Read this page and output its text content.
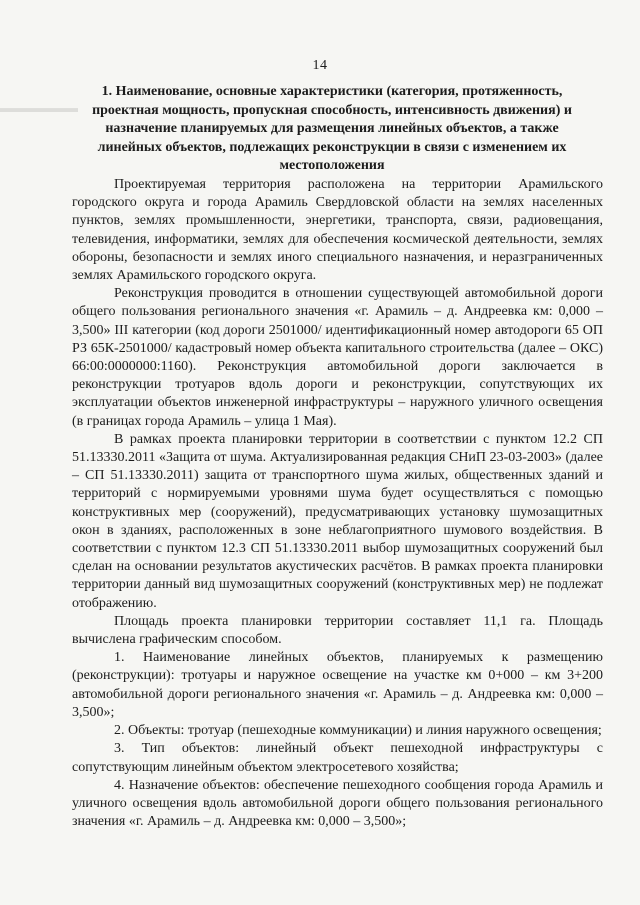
▬▬▬▬▬▬
14
1. Наименование, основные характеристики (категория, протяженность, проектная мощность, пропускная способность, интенсивность движения) и назначение планируемых для размещения линейных объектов, а также линейных объектов, подлежащих реконструкции в связи с изменением их местоположения

Проектируемая территория расположена на территории Арамильского городского округа и города Арамиль Свердловской области на землях населенных пунктов, землях промышленности, энергетики, транспорта, связи, радиовещания, телевидения, информатики, землях для обеспечения космической деятельности, землях обороны, безопасности и землях иного специального назначения, и неразграниченных землях Арамильского городского округа.

Реконструкция проводится в отношении существующей автомобильной дороги общего пользования регионального значения «г. Арамиль – д. Андреевка км: 0,000 – 3,500» III категории (код дороги 2501000/ идентификационный номер автодороги 65 ОП РЗ 65К-2501000/ кадастровый номер объекта капитального строительства (далее – ОКС) 66:00:0000000:1160). Реконструкция автомобильной дороги заключается в реконструкции тротуаров вдоль дороги и реконструкции, сопутствующих их эксплуатации объектов инженерной инфраструктуры – наружного уличного освещения (в границах города Арамиль – улица 1 Мая).

В рамках проекта планировки территории в соответствии с пунктом 12.2 СП 51.13330.2011 «Защита от шума. Актуализированная редакция СНиП 23-03-2003» (далее – СП 51.13330.2011) защита от транспортного шума жилых, общественных зданий и территорий с нормируемыми уровнями шума будет осуществляться с помощью конструктивных мер (сооружений), предусматривающих установку шумозащитных окон в зданиях, расположенных в зоне неблагоприятного шумового воздействия. В соответствии с пунктом 12.3 СП 51.13330.2011 выбор шумозащитных сооружений был сделан на основании результатов акустических расчётов. В рамках проекта планировки территории данный вид шумозащитных сооружений (конструктивных мер) не подлежат отображению.

Площадь проекта планировки территории составляет 11,1 га. Площадь вычислена графическим способом.

1. Наименование линейных объектов, планируемых к размещению (реконструкции): тротуары и наружное освещение на участке км 0+000 – км 3+200 автомобильной дороги регионального значения «г. Арамиль – д. Андреевка км: 0,000 – 3,500»;

2. Объекты: тротуар (пешеходные коммуникации) и линия наружного освещения;

3. Тип объектов: линейный объект пешеходной инфраструктуры с сопутствующим линейным объектом электросетевого хозяйства;

4. Назначение объектов: обеспечение пешеходного сообщения города Арамиль и уличного освещения вдоль автомобильной дороги общего пользования регионального значения «г. Арамиль – д. Андреевка км: 0,000 – 3,500»;
